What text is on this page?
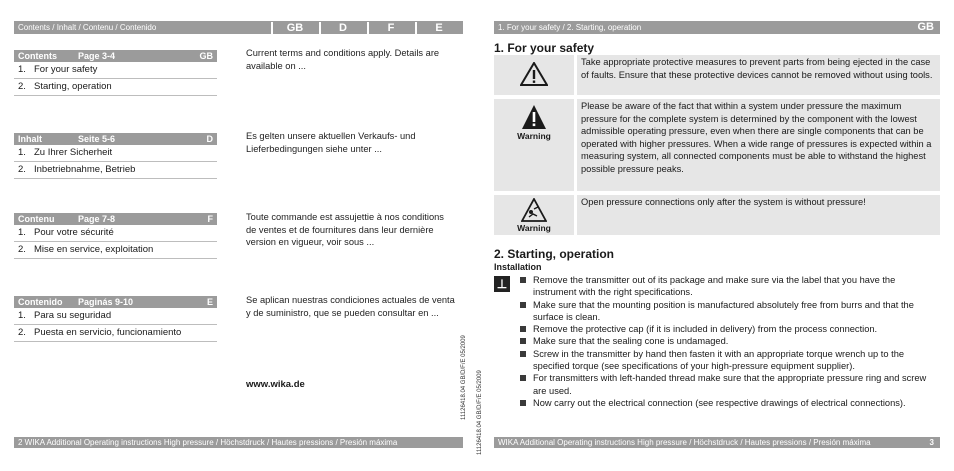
Contents / Inhalt / Contenu / Contenido	GB	D	F	E
Contents Page 3-4	GB
1. For your safety
2. Starting, operation
Current terms and conditions apply. Details are available on ...
Inhalt	Seite 5-6	D
1. Zu Ihrer Sicherheit
2. Inbetriebnahme, Betrieb
Es gelten unsere aktuellen Verkaufs- und Lieferbedingungen siehe unter ...
Contenu	Page 7-8	F
1. Pour votre sécurité
2. Mise en service, exploitation
Toute commande est assujettie à nos conditions de ventes et de fournitures dans leur dernière version en vigueur, voir sous ...
Contenido Paginás 9-10	E
1. Para su seguridad
2. Puesta en servicio, funcionamiento
Se aplican nuestras condiciones actuales de venta y de suministro, que se pueden consultar en ...
www.wika.de	11126418.04 GB/D/F/E 05/2009 11126418.04 GB/D/F/E 05/2009
2 WIKA Additional Operating instructions High pressure / Höchstdruck / Hautes pressions / Presión máxima
1. For your safety / 2. Starting, operation	GB
1. For your safety
Take appropriate protective measures to prevent parts from being ejected in the case of faults. Ensure that these protective devices cannot be removed without using tools.
Warning
Please be aware of the fact that within a system under pressure the maximum pressure for the complete system is determined by the component with the lowest admissible operating pressure, even when there are single components that can be operated with higher pressures. When a wide range of pressures is expected within a measuring system, all connected components must be able to withstand the highest possible pressure peaks.
Warning
Open pressure connections only after the system is without pressure!
2. Starting, operation
Installation
⊥	Remove the transmitter out of its package and make sure via the label that you have the instrument with the right specifications.
Make sure that the mounting position is manufactured absolutely free from burrs and that the surface is clean.
Remove the protective cap (if it is included in delivery) from the process connection.
Make sure that the sealing cone is undamaged.
Screw in the transmitter by hand then fasten it with an appropriate torque wrench up to the specified torque (see specifications of your high-pressure equipment supplier).
For transmitters with left-handed thread make sure that the appropriate pressure ring and screw are used.
Now carry out the electrical connection (see respective drawings of electrical connections).
WIKA Additional Operating instructions High pressure / Höchstdruck / Hautes pressions / Presión máxima	3
